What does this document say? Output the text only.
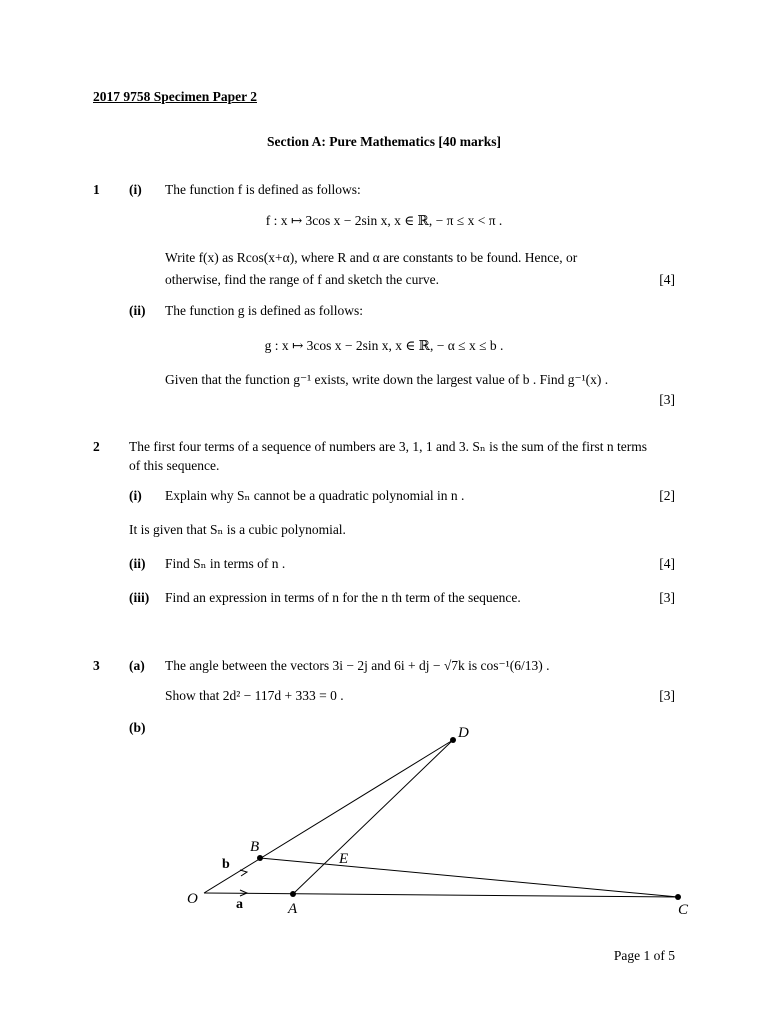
2017 9758 Specimen Paper 2
Section A: Pure Mathematics [40 marks]
1 (i) The function f is defined as follows:
f : x ↦ 3cos x − 2sin x, x ∈ ℝ, − π ≤ x < π .
Write f(x) as Rcos(x+α), where R and α are constants to be found. Hence, or
otherwise, find the range of f and sketch the curve.	[4]
(ii) The function g is defined as follows:
g : x ↦ 3cos x − 2sin x, x ∈ ℝ, − α ≤ x ≤ b .
Given that the function g⁻¹ exists, write down the largest value of b . Find g⁻¹(x) .
[3]
2 The first four terms of a sequence of numbers are 3, 1, 1 and 3. Sₙ is the sum of the first n terms
of this sequence.
(i) Explain why Sₙ cannot be a quadratic polynomial in n .	[2]
It is given that Sₙ is a cubic polynomial.
(ii) Find Sₙ in terms of n .	[4]
(iii) Find an expression in terms of n for the n th term of the sequence.	[3]
3 (a) The angle between the vectors 3i − 2j and 6i + dj − √7k is cos⁻¹(6/13) .
Show that 2d² − 117d + 333 = 0 .	[3]
(b)
O
A
B
C
D
E
a
b
Page 1 of 5
